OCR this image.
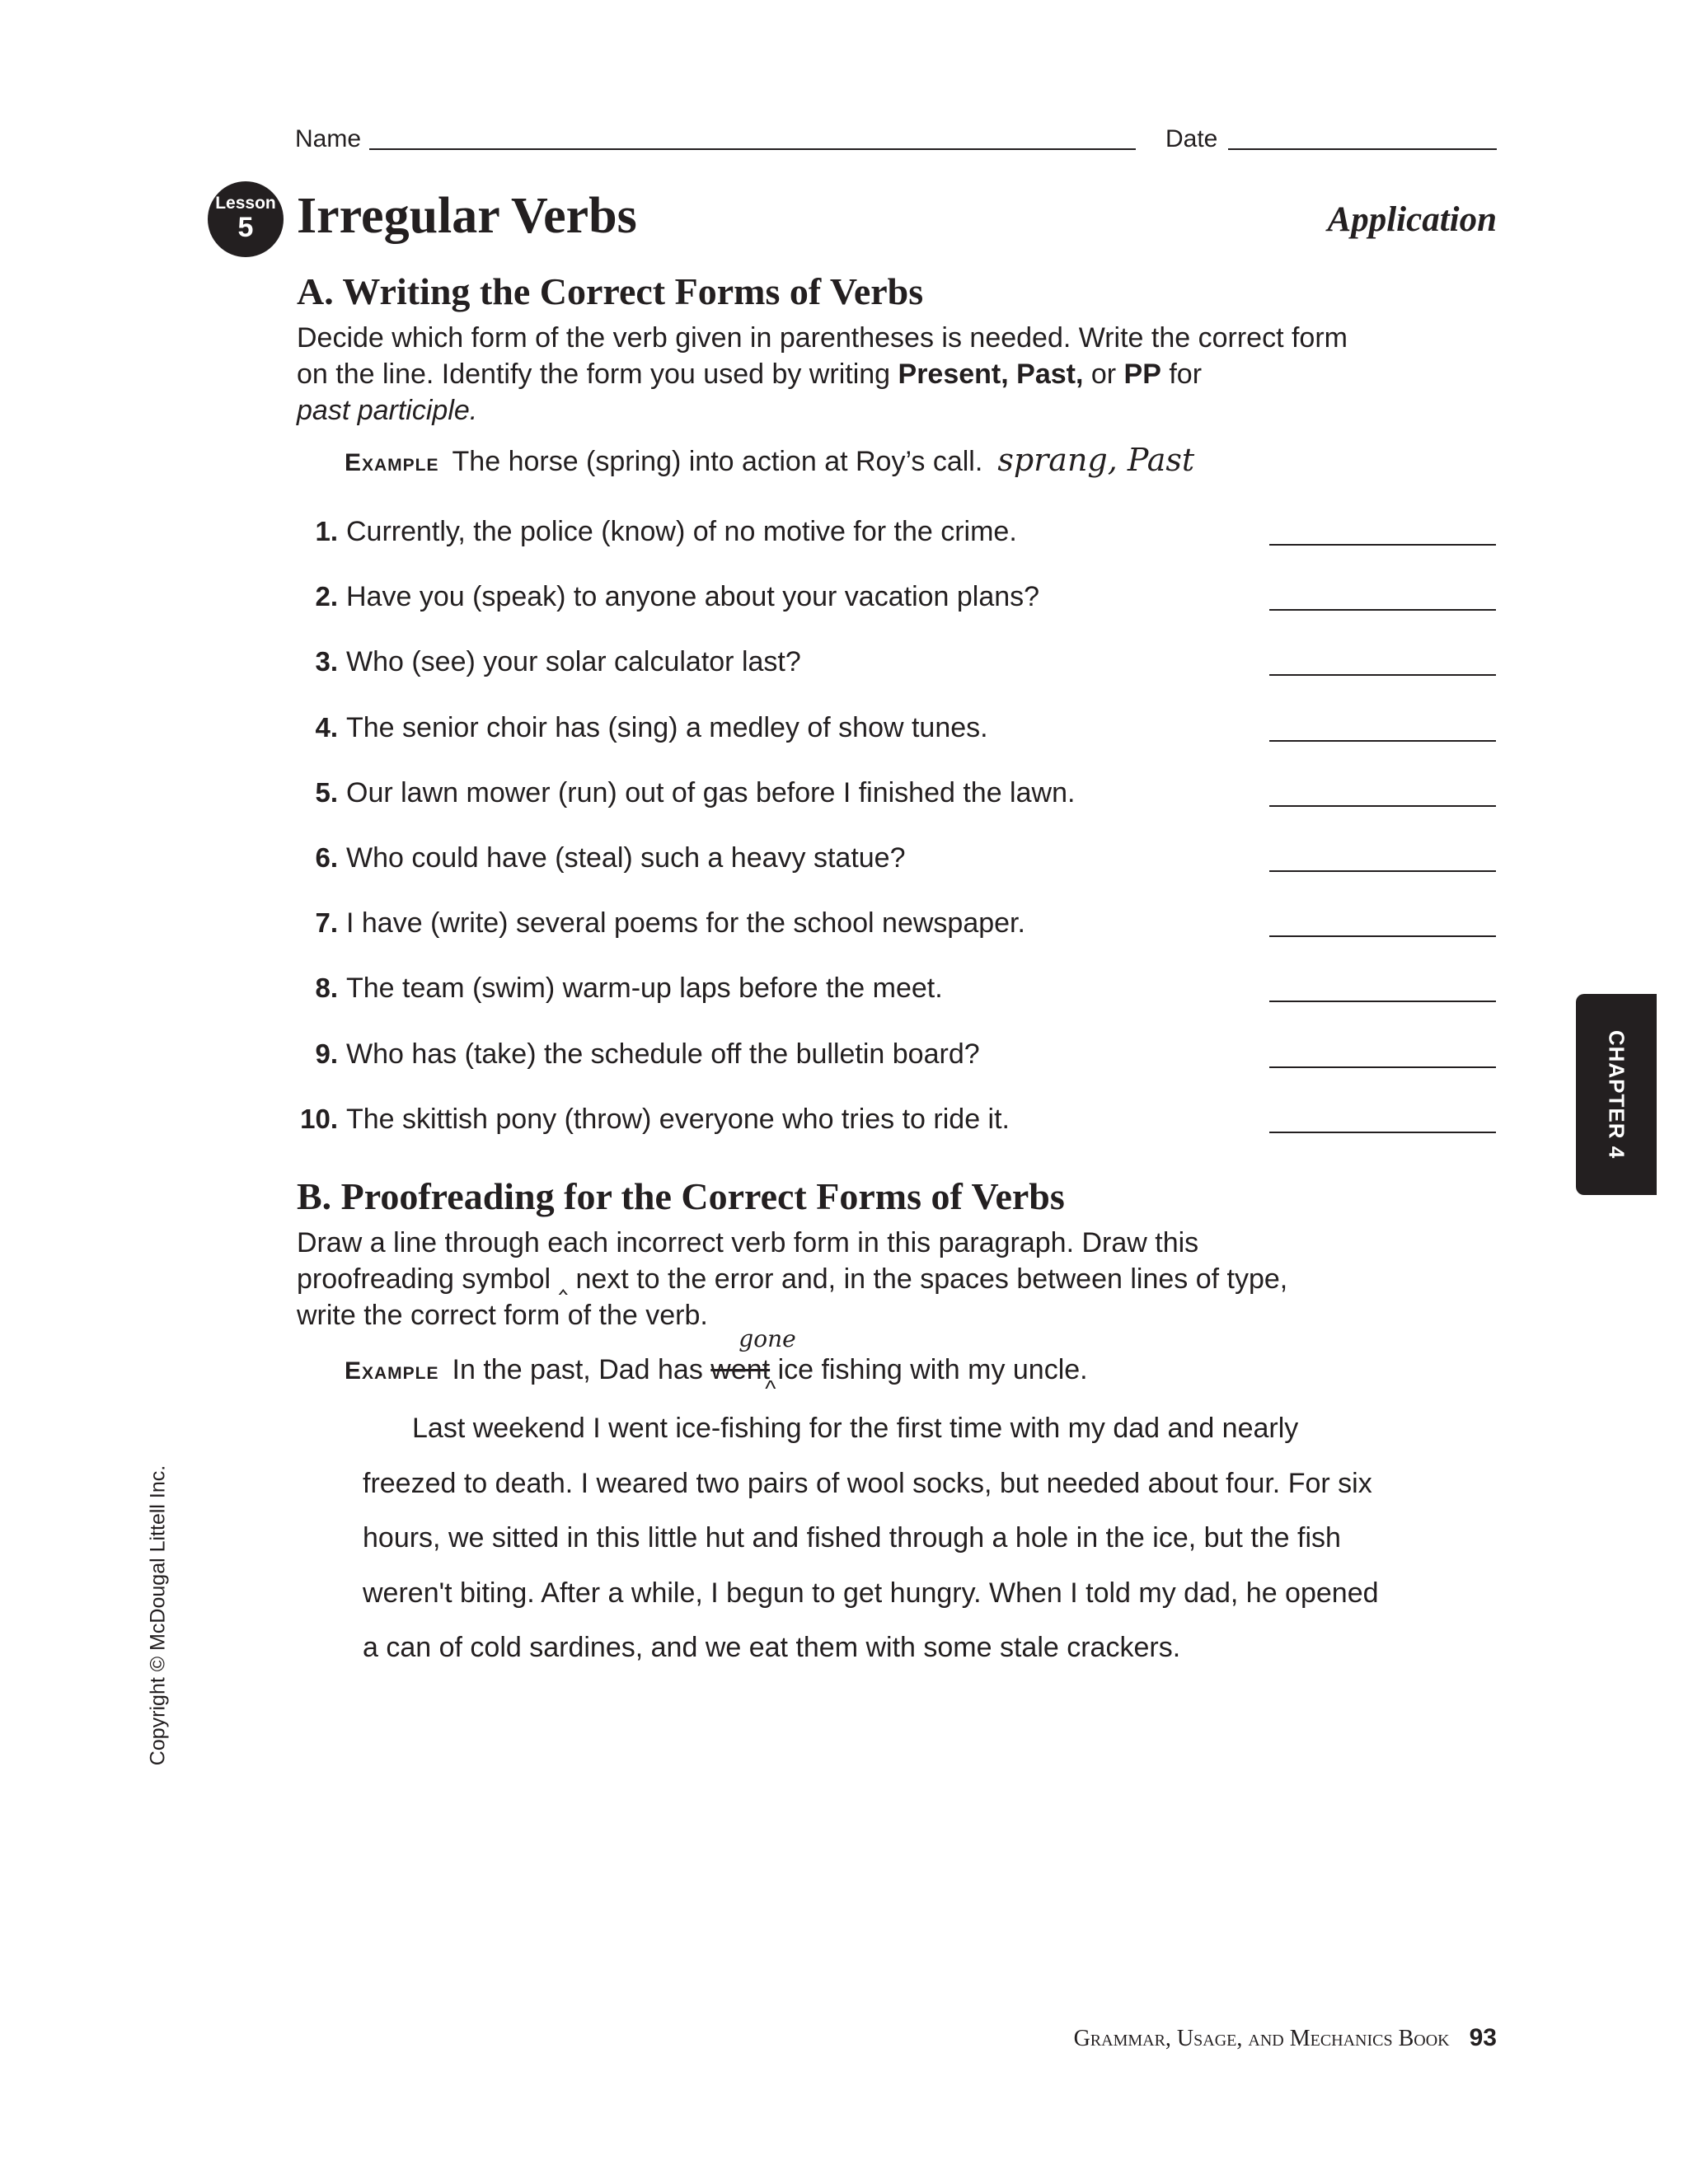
Name	Date
Lesson
5 Irregular Verbs	Application
A. Writing the Correct Forms of Verbs
Decide which form of the verb given in parentheses is needed. Write the correct form on the line. Identify the form you used by writing Present, Past, or PP for
past participle.
Example The horse (spring) into action at Roy’s call. sprang, Past
1. Currently, the police (know) of no motive for the crime.
2. Have you (speak) to anyone about your vacation plans?
3. Who (see) your solar calculator last?
4. The senior choir has (sing) a medley of show tunes.
5. Our lawn mower (run) out of gas before I finished the lawn.
6. Who could have (steal) such a heavy statue?
7. I have (write) several poems for the school newspaper.
8. The team (swim) warm-up laps before the meet.
9. Who has (take) the schedule off the bulletin board?
10. The skittish pony (throw) everyone who tries to ride it.
B. Proofreading for the Correct Forms of Verbs
Draw a line through each incorrect verb form in this paragraph. Draw this proofreading symbol ‸ next to the error and, in the spaces between lines of type, write the correct form of the verb.
Example In the past, Dad has went
gone
^
ice fishing with my uncle.
Last weekend I went ice-fishing for the first time with my dad and nearly freezed to death. I weared two pairs of wool socks, but needed about four. For six hours, we sitted in this little hut and fished through a hole in the ice, but the fish weren't biting. After a while, I begun to get hungry. When I told my dad, he opened a can of cold sardines, and we eat them with some stale crackers.
CHAPTER 4
Copyright © McDougal Littell Inc.
Grammar, Usage, and Mechanics Book 93
